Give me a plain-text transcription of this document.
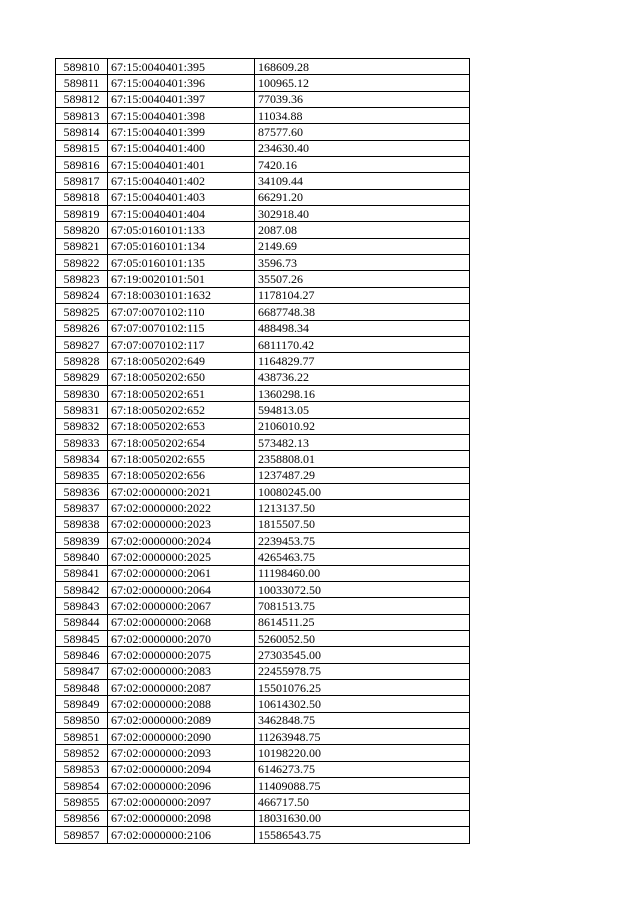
589810	67:15:0040401:395	168609.28
589811	67:15:0040401:396	100965.12
589812	67:15:0040401:397	77039.36
589813	67:15:0040401:398	11034.88
589814	67:15:0040401:399	87577.60
589815	67:15:0040401:400	234630.40
589816	67:15:0040401:401	7420.16
589817	67:15:0040401:402	34109.44
589818	67:15:0040401:403	66291.20
589819	67:15:0040401:404	302918.40
589820	67:05:0160101:133	2087.08
589821	67:05:0160101:134	2149.69
589822	67:05:0160101:135	3596.73
589823	67:19:0020101:501	35507.26
589824	67:18:0030101:1632	1178104.27
589825	67:07:0070102:110	6687748.38
589826	67:07:0070102:115	488498.34
589827	67:07:0070102:117	6811170.42
589828	67:18:0050202:649	1164829.77
589829	67:18:0050202:650	438736.22
589830	67:18:0050202:651	1360298.16
589831	67:18:0050202:652	594813.05
589832	67:18:0050202:653	2106010.92
589833	67:18:0050202:654	573482.13
589834	67:18:0050202:655	2358808.01
589835	67:18:0050202:656	1237487.29
589836	67:02:0000000:2021	10080245.00
589837	67:02:0000000:2022	1213137.50
589838	67:02:0000000:2023	1815507.50
589839	67:02:0000000:2024	2239453.75
589840	67:02:0000000:2025	4265463.75
589841	67:02:0000000:2061	11198460.00
589842	67:02:0000000:2064	10033072.50
589843	67:02:0000000:2067	7081513.75
589844	67:02:0000000:2068	8614511.25
589845	67:02:0000000:2070	5260052.50
589846	67:02:0000000:2075	27303545.00
589847	67:02:0000000:2083	22455978.75
589848	67:02:0000000:2087	15501076.25
589849	67:02:0000000:2088	10614302.50
589850	67:02:0000000:2089	3462848.75
589851	67:02:0000000:2090	11263948.75
589852	67:02:0000000:2093	10198220.00
589853	67:02:0000000:2094	6146273.75
589854	67:02:0000000:2096	11409088.75
589855	67:02:0000000:2097	466717.50
589856	67:02:0000000:2098	18031630.00
589857	67:02:0000000:2106	15586543.75
